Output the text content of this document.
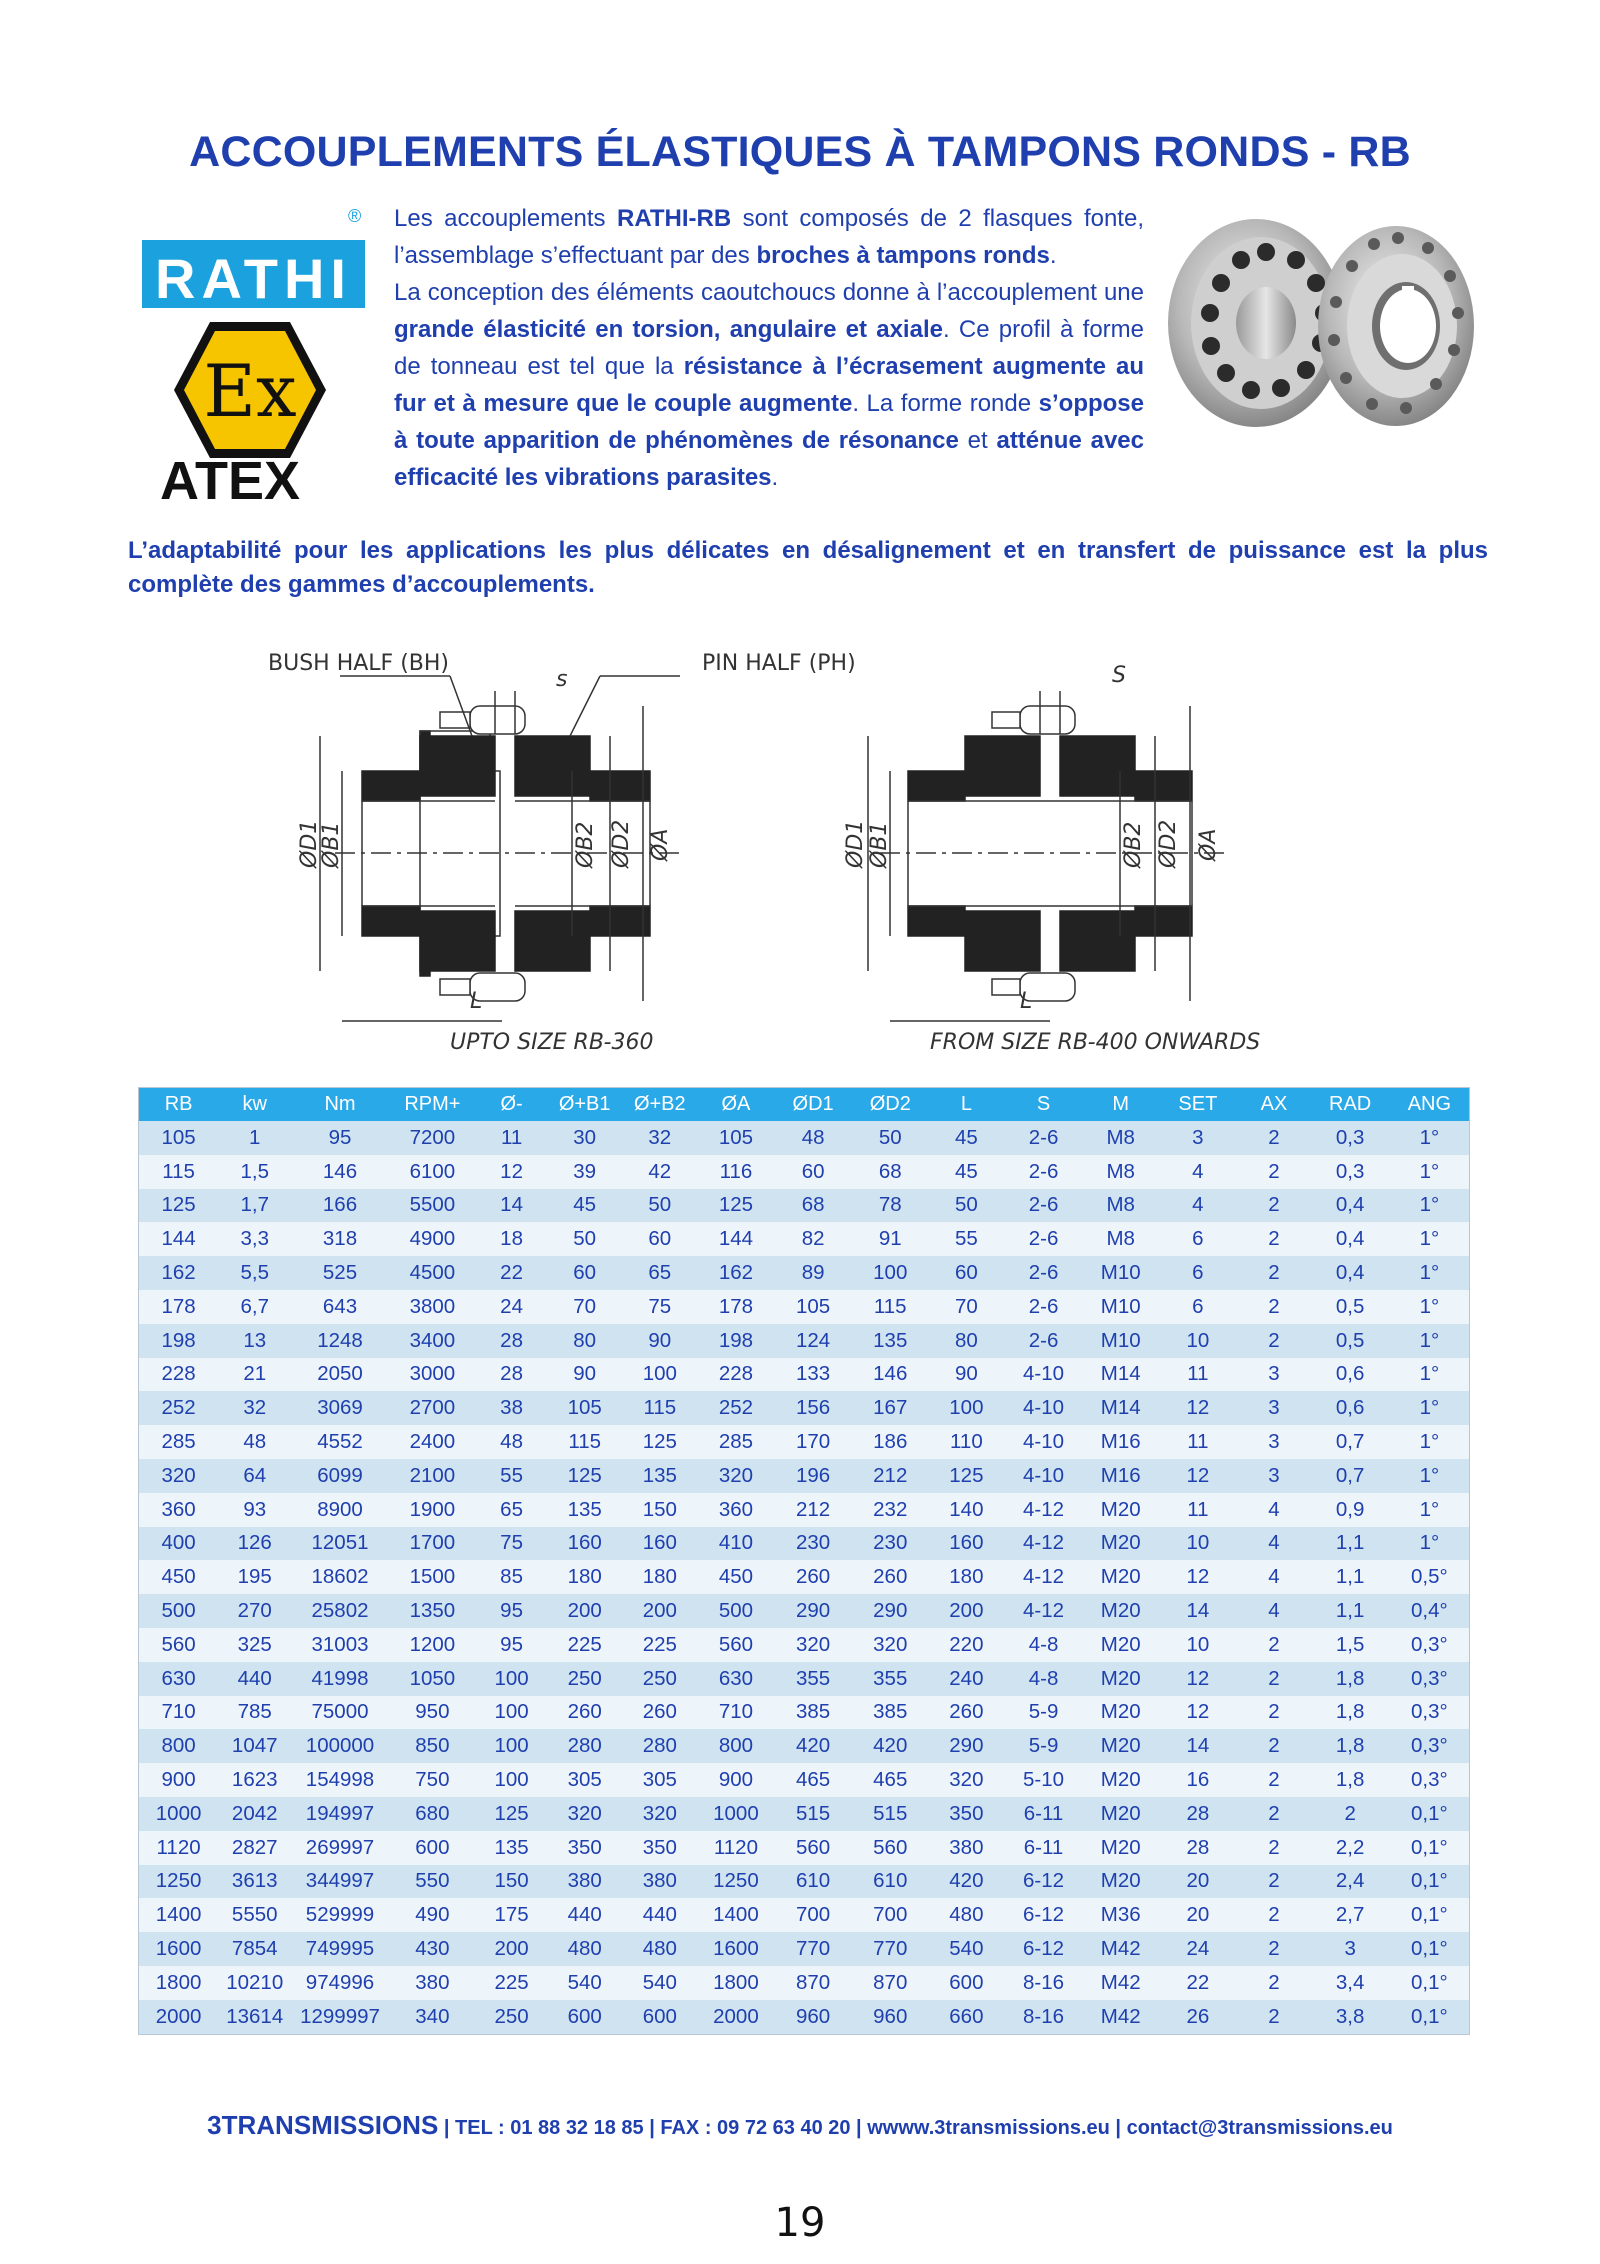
ACCOUPLEMENTS ÉLASTIQUES À TAMPONS RONDS - RB
RATHI
®
Ex
ATEX
Les accouplements RATHI-RB sont composés de 2 flasques fonte, l’assemblage s’effectuant par des broches à tampons ronds.
La conception des éléments caoutchoucs donne à l’accouplement une grande élasticité en torsion, angulaire et axiale. Ce profil à forme de tonneau est tel que la résistance à l’écrasement augmente au fur et à mesure que le couple augmente. La forme ronde s’oppose à toute apparition de phénomènes de résonance et atténue avec efficacité les vibrations parasites.
L’adaptabilité pour les applications les plus délicates en désalignement et en transfert de puissance est la plus complète des gammes d’accouplements.
BUSH HALF (BH)	PIN HALF (PH)
s	S
L	L
ØD1
ØB1	ØB2 ØD2 ØA	ØD1 ØB1	ØB2 ØD2 ØA
UPTO SIZE RB-360	FROM SIZE RB-400 ONWARDS
RB	kw	Nm	RPM+	Ø-	Ø+B1	Ø+B2	ØA	ØD1	ØD2	L	S	M	SET	AX	RAD	ANG
105	1	95	7200	11	30	32	105	48	50	45	2-6	M8	3	2	0,3	1°
115	1,5	146	6100	12	39	42	116	60	68	45	2-6	M8	4	2	0,3	1°
125	1,7	166	5500	14	45	50	125	68	78	50	2-6	M8	4	2	0,4	1°
144	3,3	318	4900	18	50	60	144	82	91	55	2-6	M8	6	2	0,4	1°
162	5,5	525	4500	22	60	65	162	89	100	60	2-6	M10	6	2	0,4	1°
178	6,7	643	3800	24	70	75	178	105	115	70	2-6	M10	6	2	0,5	1°
198	13	1248	3400	28	80	90	198	124	135	80	2-6	M10	10	2	0,5	1°
228	21	2050	3000	28	90	100	228	133	146	90	4-10	M14	11	3	0,6	1°
252	32	3069	2700	38	105	115	252	156	167	100	4-10	M14	12	3	0,6	1°
285	48	4552	2400	48	115	125	285	170	186	110	4-10	M16	11	3	0,7	1°
320	64	6099	2100	55	125	135	320	196	212	125	4-10	M16	12	3	0,7	1°
360	93	8900	1900	65	135	150	360	212	232	140	4-12	M20	11	4	0,9	1°
400	126	12051	1700	75	160	160	410	230	230	160	4-12	M20	10	4	1,1	1°
450	195	18602	1500	85	180	180	450	260	260	180	4-12	M20	12	4	1,1	0,5°
500	270	25802	1350	95	200	200	500	290	290	200	4-12	M20	14	4	1,1	0,4°
560	325	31003	1200	95	225	225	560	320	320	220	4-8	M20	10	2	1,5	0,3°
630	440	41998	1050	100	250	250	630	355	355	240	4-8	M20	12	2	1,8	0,3°
710	785	75000	950	100	260	260	710	385	385	260	5-9	M20	12	2	1,8	0,3°
800	1047	100000	850	100	280	280	800	420	420	290	5-9	M20	14	2	1,8	0,3°
900	1623	154998	750	100	305	305	900	465	465	320	5-10	M20	16	2	1,8	0,3°
1000	2042	194997	680	125	320	320	1000	515	515	350	6-11	M20	28	2	2	0,1°
1120	2827	269997	600	135	350	350	1120	560	560	380	6-11	M20	28	2	2,2	0,1°
1250	3613	344997	550	150	380	380	1250	610	610	420	6-12	M20	20	2	2,4	0,1°
1400	5550	529999	490	175	440	440	1400	700	700	480	6-12	M36	20	2	2,7	0,1°
1600	7854	749995	430	200	480	480	1600	770	770	540	6-12	M42	24	2	3	0,1°
1800	10210	974996	380	225	540	540	1800	870	870	600	8-16	M42	22	2	3,4	0,1°
2000	13614	1299997	340	250	600	600	2000	960	960	660	8-16	M42	26	2	3,8	0,1°
3TRANSMISSIONS | TEL : 01 88 32 18 85 | FAX : 09 72 63 40 20 | wwww.3transmissions.eu | contact@3transmissions.eu
19
